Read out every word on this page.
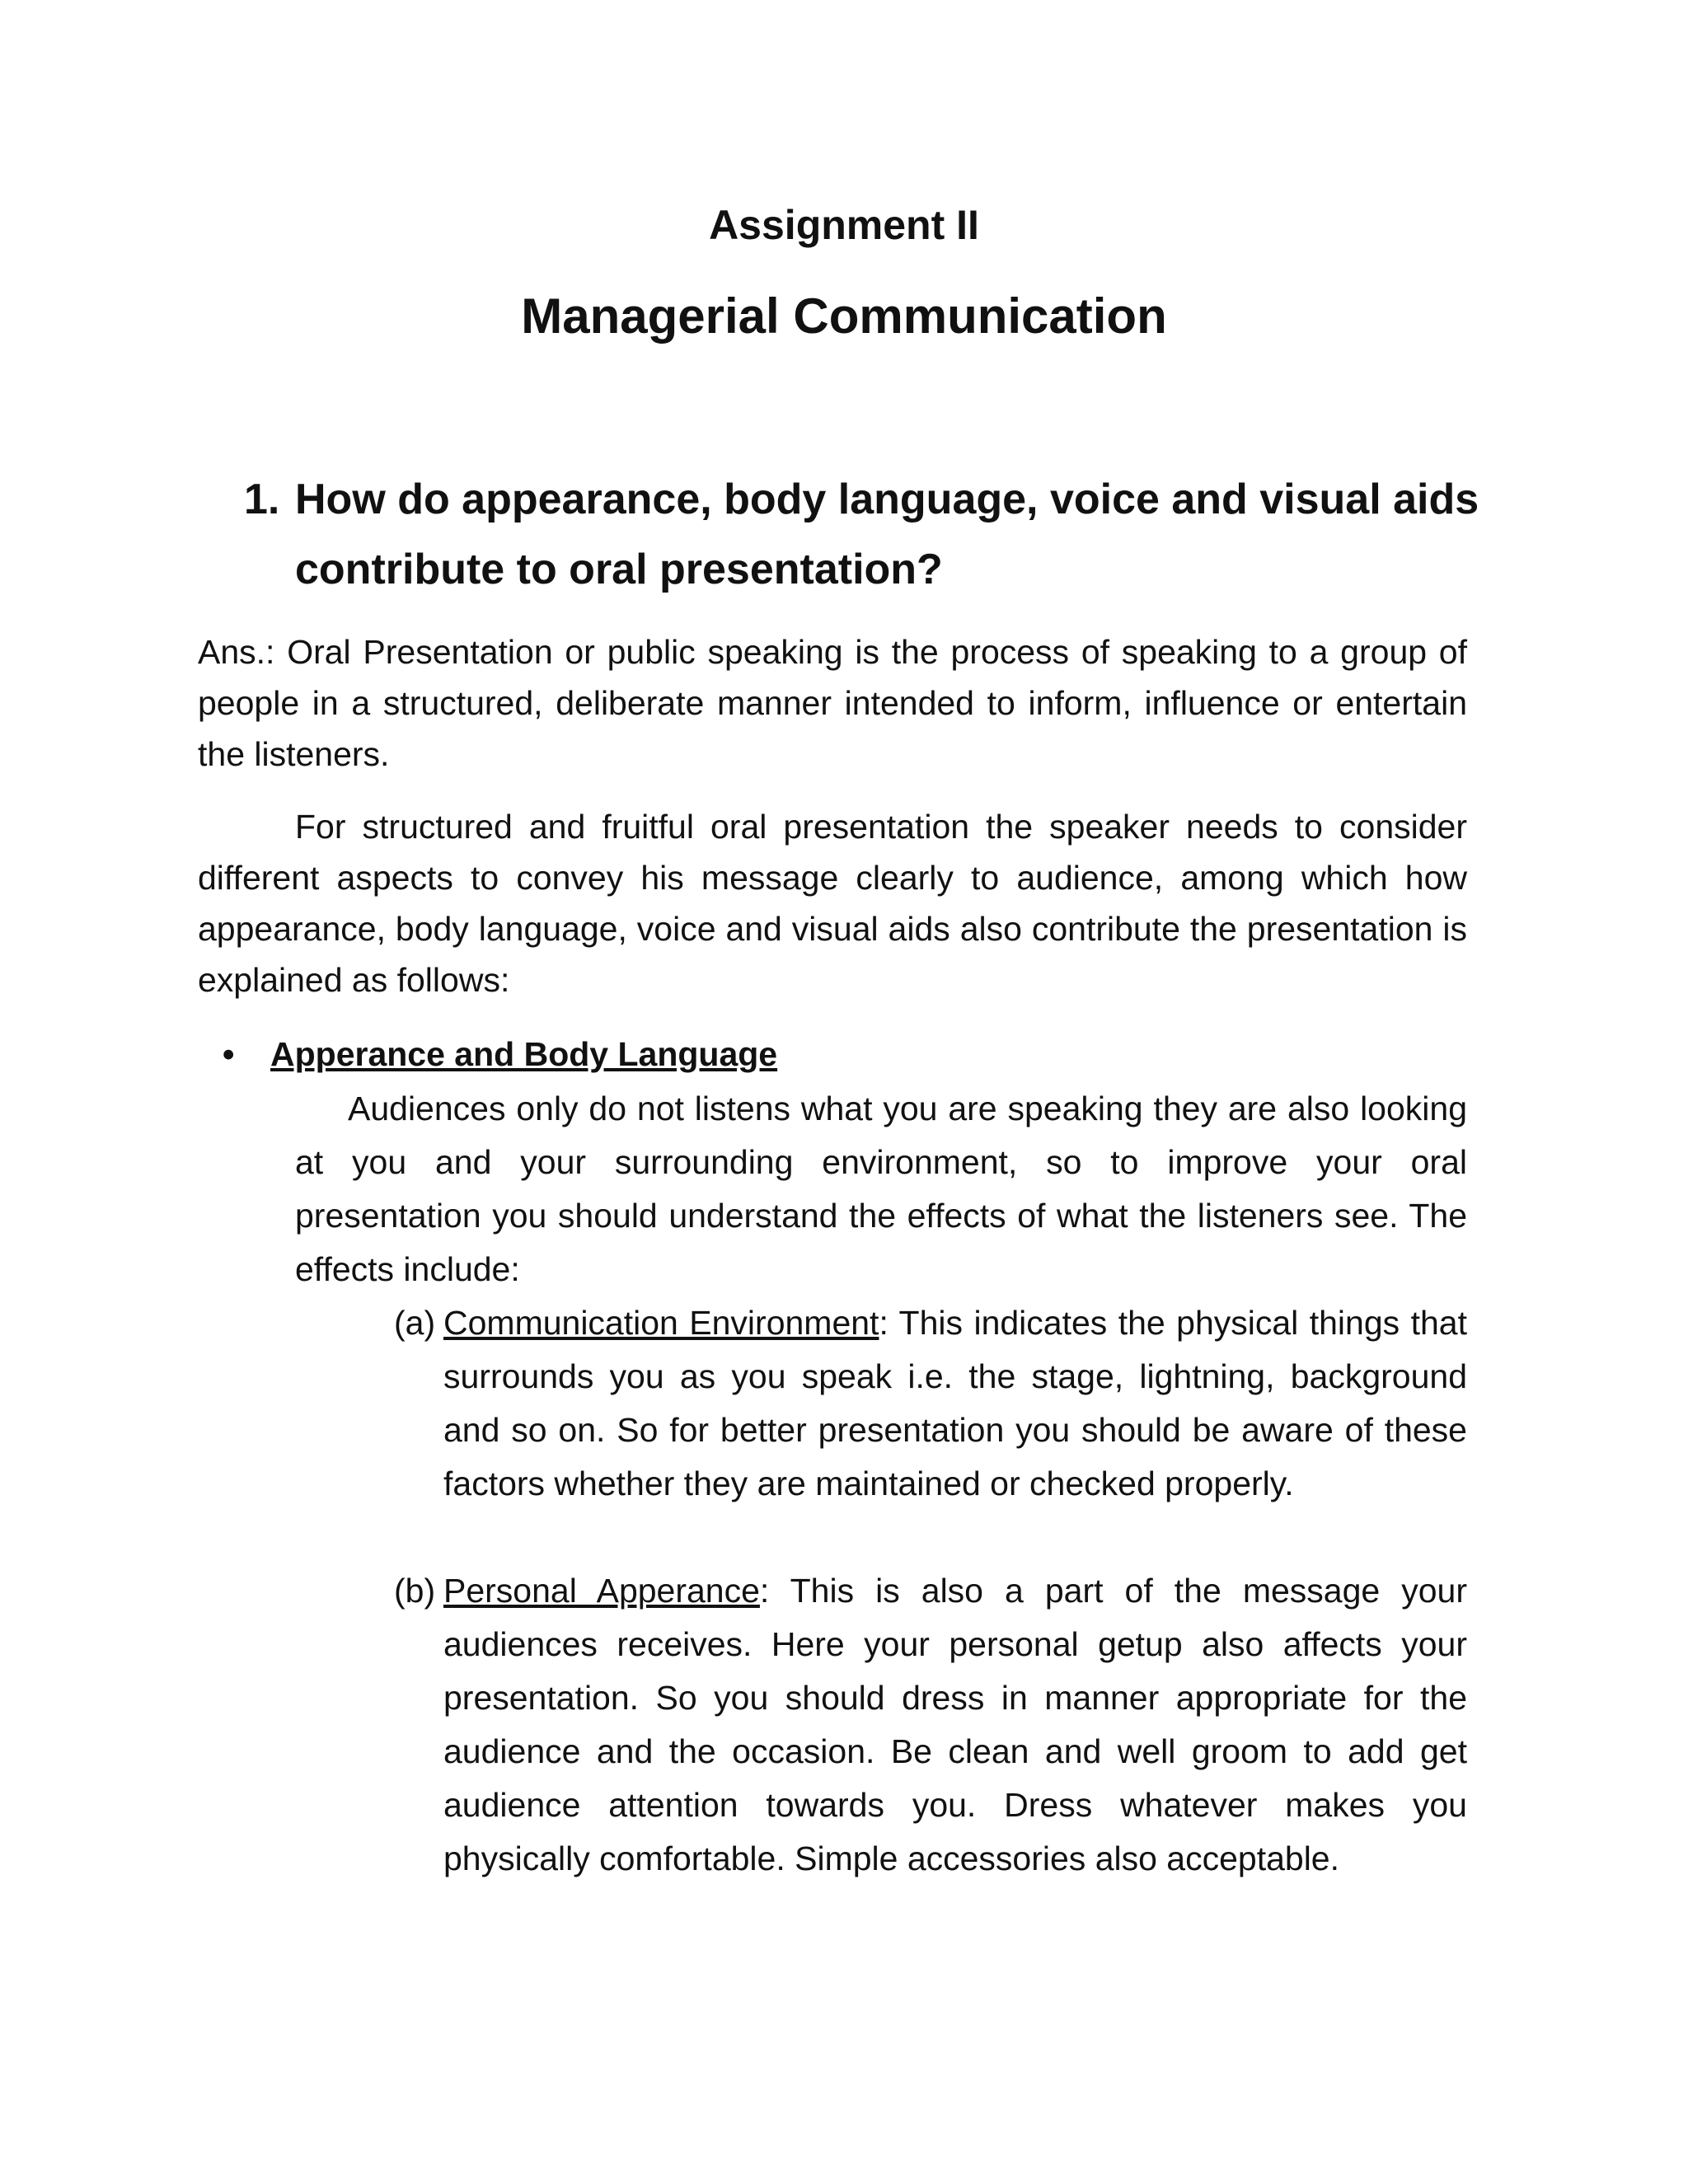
Assignment II
Managerial Communication
1. How do appearance, body language, voice and visual aids contribute to oral presentation?

Ans.: Oral Presentation or public speaking is the process of speaking to a group of people in a structured, deliberate manner intended to inform, influence or entertain the listeners.

For structured and fruitful oral presentation the speaker needs to consider different aspects to convey his message clearly to audience, among which how appearance, body language, voice and visual aids also contribute the presentation is explained as follows:

• Apperance and Body Language

Audiences only do not listens what you are speaking they are also looking at you and your surrounding environment, so to improve your oral presentation you should understand the effects of what the listeners see. The effects include:

(a) Communication Environment: This indicates the physical things that surrounds you as you speak i.e. the stage, lightning, background and so on. So for better presentation you should be aware of these factors whether they are maintained or checked properly.
(b) Personal Apperance: This is also a part of the message your audiences receives. Here your personal getup also affects your presentation. So you should dress in manner appropriate for the audience and the occasion. Be clean and well groom to add get audience attention towards you. Dress whatever makes you physically comfortable. Simple accessories also acceptable.
